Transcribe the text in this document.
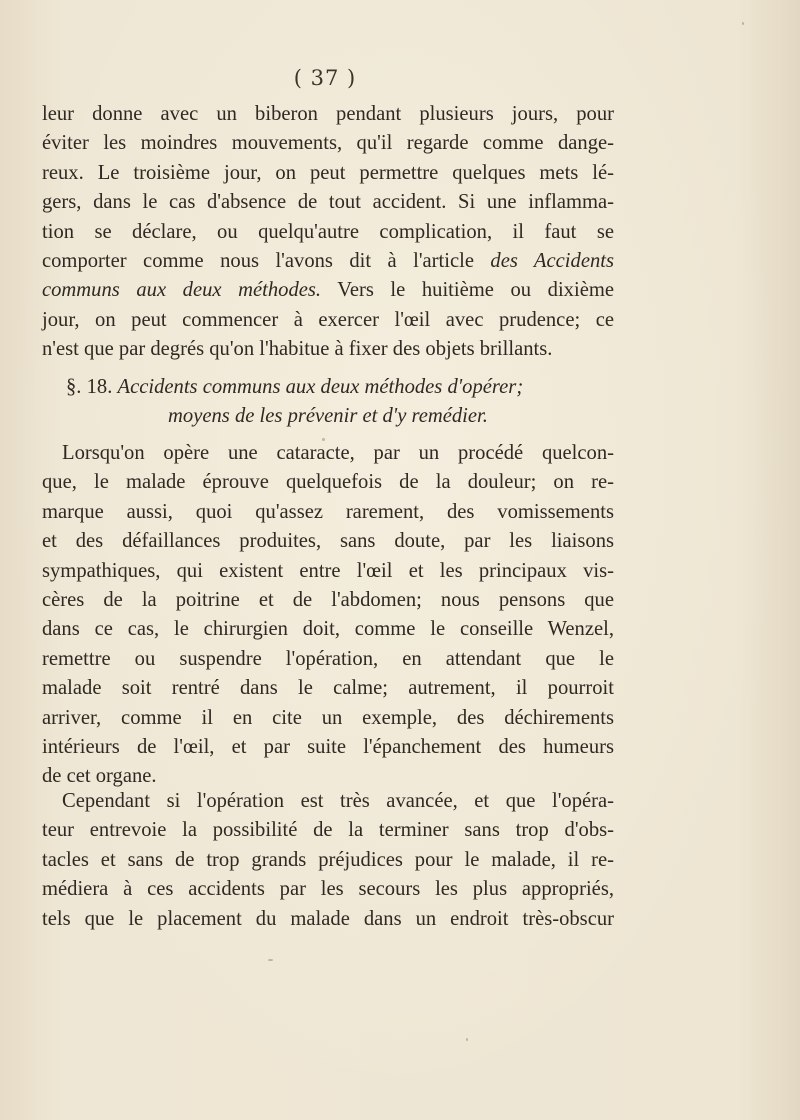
( 37 )
leur donne avec un biberon pendant plusieurs jours, pour
éviter les moindres mouvements, qu'il regarde comme dange-
reux. Le troisième jour, on peut permettre quelques mets lé-
gers, dans le cas d'absence de tout accident. Si une inflamma-
tion se déclare, ou quelqu'autre complication, il faut se
comporter comme nous l'avons dit à l'article des Accidents
communs aux deux méthodes. Vers le huitième ou dixième
jour, on peut commencer à exercer l'œil avec prudence; ce
n'est que par degrés qu'on l'habitue à fixer des objets brillants.
§. 18. Accidents communs aux deux méthodes d'opérer;
moyens de les prévenir et d'y remédier.
Lorsqu'on opère une cataracte, par un procédé quelcon-
que, le malade éprouve quelquefois de la douleur; on re-
marque aussi, quoi qu'assez rarement, des vomissements
et des défaillances produites, sans doute, par les liaisons
sympathiques, qui existent entre l'œil et les principaux vis-
cères de la poitrine et de l'abdomen; nous pensons que
dans ce cas, le chirurgien doit, comme le conseille Wenzel,
remettre ou suspendre l'opération, en attendant que le
malade soit rentré dans le calme; autrement, il pourroit
arriver, comme il en cite un exemple, des déchirements
intérieurs de l'œil, et par suite l'épanchement des humeurs
de cet organe.
Cependant si l'opération est très avancée, et que l'opéra-
teur entrevoie la possibilité de la terminer sans trop d'obs-
tacles et sans de trop grands préjudices pour le malade, il re-
médiera à ces accidents par les secours les plus appropriés,
tels que le placement du malade dans un endroit très-obscur
